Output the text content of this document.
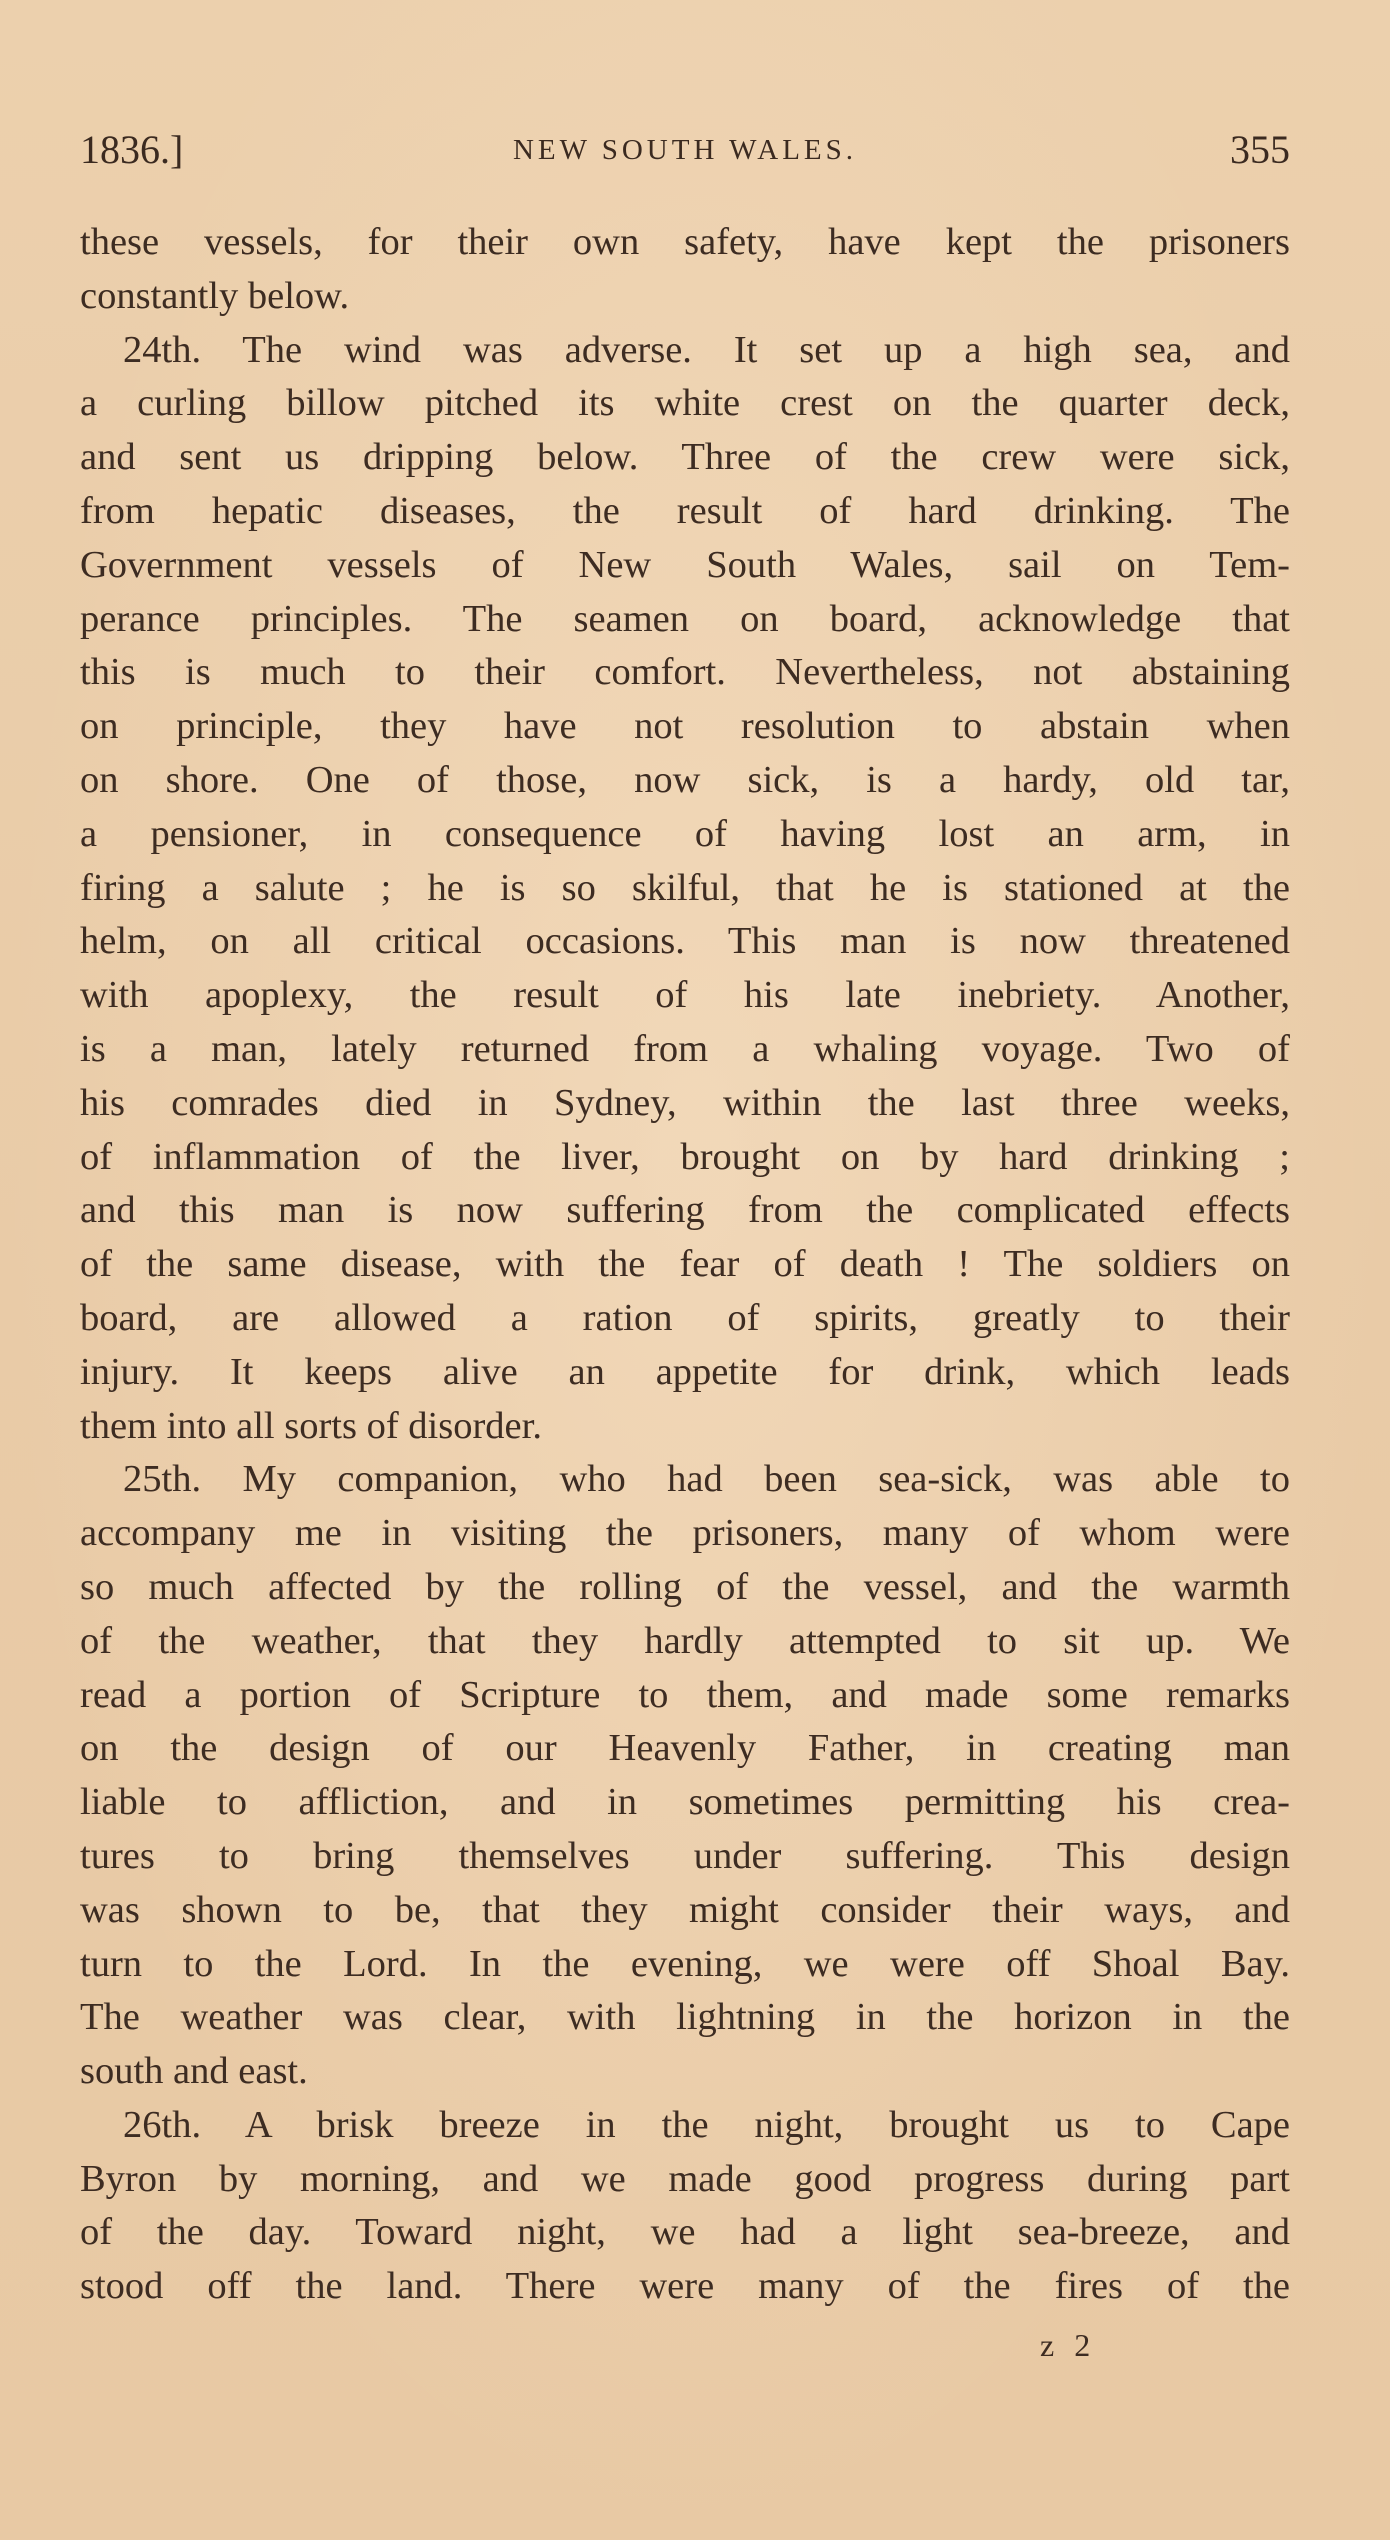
1836.]	NEW SOUTH WALES.	355
these vessels, for their own safety, have kept the prisoners
constantly below.
24th. The wind was adverse. It set up a high sea, and
a curling billow pitched its white crest on the quarter deck,
and sent us dripping below. Three of the crew were sick,
from hepatic diseases, the result of hard drinking. The
Government vessels of New South Wales, sail on Tem-
perance principles. The seamen on board, acknowledge that
this is much to their comfort. Nevertheless, not abstaining
on principle, they have not resolution to abstain when
on shore. One of those, now sick, is a hardy, old tar,
a pensioner, in consequence of having lost an arm, in
firing a salute ; he is so skilful, that he is stationed at the
helm, on all critical occasions. This man is now threatened
with apoplexy, the result of his late inebriety. Another,
is a man, lately returned from a whaling voyage. Two of
his comrades died in Sydney, within the last three weeks,
of inflammation of the liver, brought on by hard drinking ;
and this man is now suffering from the complicated effects
of the same disease, with the fear of death ! The soldiers on
board, are allowed a ration of spirits, greatly to their
injury. It keeps alive an appetite for drink, which leads
them into all sorts of disorder.
25th. My companion, who had been sea-sick, was able to
accompany me in visiting the prisoners, many of whom were
so much affected by the rolling of the vessel, and the warmth
of the weather, that they hardly attempted to sit up. We
read a portion of Scripture to them, and made some remarks
on the design of our Heavenly Father, in creating man
liable to affliction, and in sometimes permitting his crea-
tures to bring themselves under suffering. This design
was shown to be, that they might consider their ways, and
turn to the Lord. In the evening, we were off Shoal Bay.
The weather was clear, with lightning in the horizon in the
south and east.
26th. A brisk breeze in the night, brought us to Cape
Byron by morning, and we made good progress during part
of the day. Toward night, we had a light sea-breeze, and
stood off the land. There were many of the fires of the
z 2
